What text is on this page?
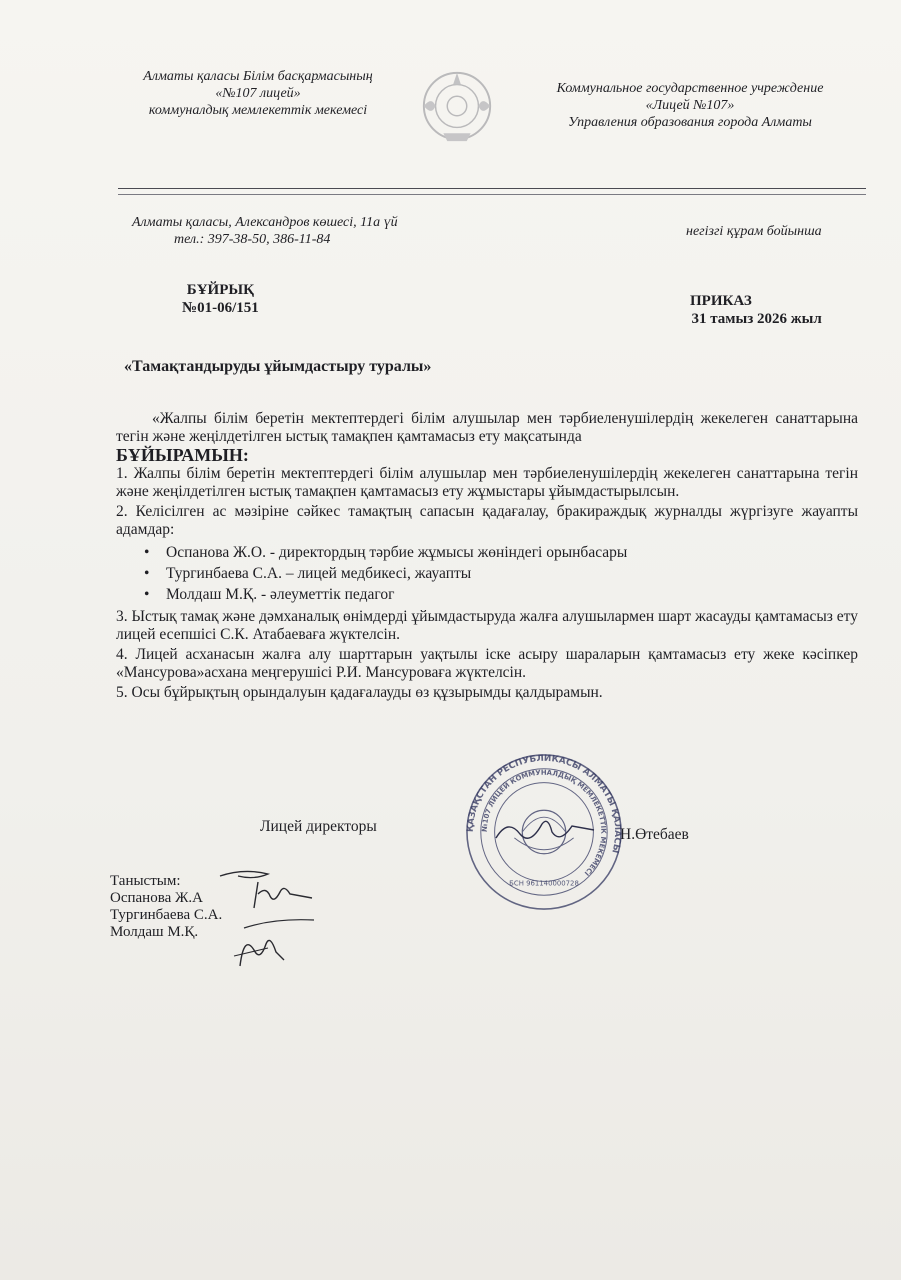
Алматы қаласы Білім басқармасының
«№107 лицей»
коммуналдық мемлекеттік мекемесі
Коммунальное государственное учреждение
«Лицей №107»
Управления образования города Алматы
Алматы қаласы, Александров көшесі, 11а үй
тел.: 397-38-50, 386-11-84
негізгі құрам бойынша
БҰЙРЫҚ
№01-06/151	ПРИКАЗ
31 тамыз 2026 жыл
«Тамақтандыруды ұйымдастыру туралы»

«Жалпы білім беретін мектептердегі білім алушылар мен тәрбиеленушілердің жекелеген санаттарына тегін және жеңілдетілген ыстық тамақпен қамтамасыз ету мақсатында

БҰЙЫРАМЫН:

1. Жалпы білім беретін мектептердегі білім алушылар мен тәрбиеленушілердің жекелеген санаттарына тегін және жеңілдетілген ыстық тамақпен қамтамасыз ету жұмыстары ұйымдастырылсын.

2. Келісілген ас мәзіріне сәйкес тамақтың сапасын қадағалау, бракираждық журналды жүргізуге жауапты адамдар:

• Оспанова Ж.О. - директордың тәрбие жұмысы жөніндегі орынбасары
• Тургинбаева С.А. – лицей медбикесі, жауапты
• Молдаш М.Қ. - әлеуметтік педагог

3. Ыстық тамақ және дәмханалық өнімдерді ұйымдастыруда жалға алушылармен шарт жасауды қамтамасыз ету лицей есепшісі С.К. Атабаеваға жүктелсін.

4. Лицей асханасын жалға алу шарттарын уақтылы іске асыру шараларын қамтамасыз ету жеке кәсіпкер «Мансурова»асхана меңгерушісі Р.И. Мансуроваға жүктелсін.

5. Осы бұйрықтың орындалуын қадағалауды өз құзырымды қалдырамын.

Лицей директоры	ҚАЗАҚСТАН РЕСПУБЛИКАСЫ АЛМАТЫ ҚАЛАСЫ
№107 ЛИЦЕЙ КОММУНАЛДЫҚ МЕМЛЕКЕТТІК МЕКЕМЕСІ
БСН 961140000728
Н.Өтебаев
Таныстым:
Оспанова Ж.А
Тургинбаева С.А.
Молдаш М.Қ.
